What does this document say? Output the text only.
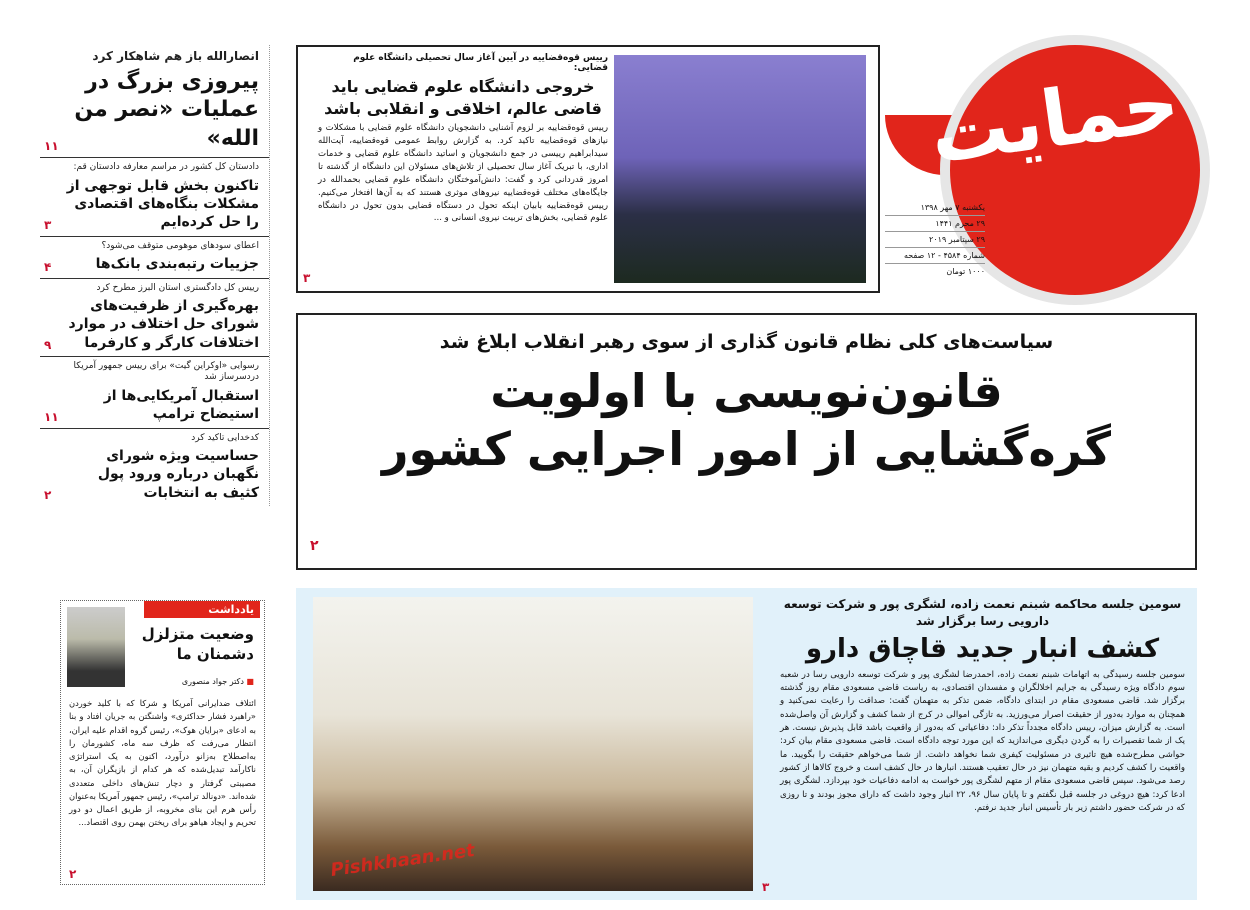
انصارالله باز هم شاهکار کرد
پیروزی بزرگ در عملیات «نصر من الله»
۱۱
دادستان کل کشور در مراسم معارفه دادستان قم:
تاکنون بخش قابل توجهی از مشکلات بنگاه‌های اقتصادی را حل کرده‌ایم
۳
اعطای سودهای موهومی متوقف می‌شود؟
جزییات رتبه‌بندی بانک‌ها
۴
رییس کل دادگستری استان البرز مطرح کرد
بهره‌گیری از ظرفیت‌های شورای حل اختلاف در موارد اختلافات کارگر و کارفرما
۹
رسوایی «اوکراین گیت» برای رییس جمهور آمریکا دردسرساز شد
استقبال آمریکایی‌ها از استیضاح ترامپ
۱۱
کدخدایی تاکید کرد
حساسیت ویژه شورای نگهبان درباره ورود پول کثیف به انتخابات
۲
یادداشت
وضعیت متزلزل دشمنان ما
■ دکتر جواد منصوری
ائتلاف ضدایرانی آمریکا و شرکا که با کلید خوردن «راهبرد فشار حداکثری» واشنگتن به جریان افتاد و بنا به ادعای «برایان هوک»، رئیس گروه اقدام علیه ایران، انتظار می‌رفت که ظرف سه ماه، کشورمان را به‌اصطلاح به‌زانو درآورد، اکنون به یک استراتژی ناکارآمد تبدیل‌شده که هر کدام از بازیگران آن، به مصیبتی گرفتار و دچار تنش‌های داخلی متعددی شده‌اند. «دونالد ترامپ»، رئیس جمهور آمریکا به‌عنوان رأس هرم این بنای مخروبه، از طریق اعمال دو دور تحریم و ایجاد هیاهو برای ریختن بهمن روی اقتصاد...
۲
رییس قوه‌قضاییه در آیین آغاز سال تحصیلی دانشگاه علوم قضایی:
خروجی دانشگاه علوم قضایی باید قاضی عالم، اخلاقی و انقلابی باشد
رییس قوه‌قضاییه بر لزوم آشنایی دانشجویان دانشگاه علوم قضایی با مشکلات و نیازهای قوه‌قضاییه تاکید کرد. به گزارش روابط عمومی قوه‌قضاییه، آیت‌الله سیدابراهیم رییسی در جمع دانشجویان و اساتید دانشگاه علوم قضایی و خدمات اداری، با تبریک آغاز سال تحصیلی از تلاش‌های مسئولان این دانشگاه از گذشته تا امروز قدردانی کرد و گفت: دانش‌آموختگان دانشگاه علوم قضایی بحمدالله در جایگاه‌های مختلف قوه‌قضاییه نیروهای موثری هستند که به آن‌ها افتخار می‌کنیم. رییس قوه‌قضاییه بابیان اینکه تحول در دستگاه قضایی بدون تحول در دانشگاه علوم قضایی، بخش‌های تربیت نیروی انسانی و ...
۳
حمایت
یکشنبه ۷ مهر ۱۳۹۸
۲۹ محرم ۱۴۴۱
۲۹ سپتامبر ۲۰۱۹
شماره ۴۵۸۴ - ۱۲ صفحه
۱۰۰۰ تومان
سیاست‌های کلی نظام قانون گذاری از سوی رهبر انقلاب ابلاغ شد
قانون‌نویسی با اولویت
گره‌گشایی از امور اجرایی کشور
۲
سومین جلسه محاکمه شبنم نعمت زاده، لشگری پور و شرکت توسعه دارویی رسا برگزار شد
کشف انبار جدید قاچاق دارو
سومین جلسه رسیدگی به اتهامات شبنم نعمت زاده، احمدرضا لشگری پور و شرکت توسعه دارویی رسا در شعبه سوم دادگاه ویژه رسیدگی به جرایم اخلالگران و مفسدان اقتصادی، به ریاست قاضی مسعودی مقام روز گذشته برگزار شد. قاضی مسعودی مقام در ابتدای دادگاه، ضمن تذکر به متهمان گفت: صداقت را رعایت نمی‌کنید و همچنان به موارد به‌دور از حقیقت اصرار می‌ورزید. به تازگی اموالی در کرج از شما کشف و گزارش آن واصل‌شده است. به گزارش میزان، رییس دادگاه مجدداً تذکر داد: دفاعیاتی که به‌دور از واقعیت باشد قابل پذیرش نیست. هر یک از شما تقصیرات را به گردن دیگری می‌اندازید که این مورد توجه دادگاه است. قاضی مسعودی مقام بیان کرد: حواشی مطرح‌شده هیچ تاثیری در مسئولیت کیفری شما نخواهد داشت. از شما می‌خواهم حقیقت را بگویید. ما واقعیت را کشف کردیم و بقیه متهمان نیز در حال تعقیب هستند. انبارها در حال کشف است و خروج کالاها از کشور رصد می‌شود. سپس قاضی مسعودی مقام از متهم لشگری پور خواست به ادامه دفاعیات خود بپردازد. لشگری پور ادعا کرد: هیچ دروغی در جلسه قبل نگفتم و تا پایان سال ۹۶، ۲۲ انبار وجود داشت که دارای مجوز بودند و تا روزی که در شرکت حضور داشتم زیر بار تأسیس انبار جدید نرفتم.
۳
Pishkhaan.net
